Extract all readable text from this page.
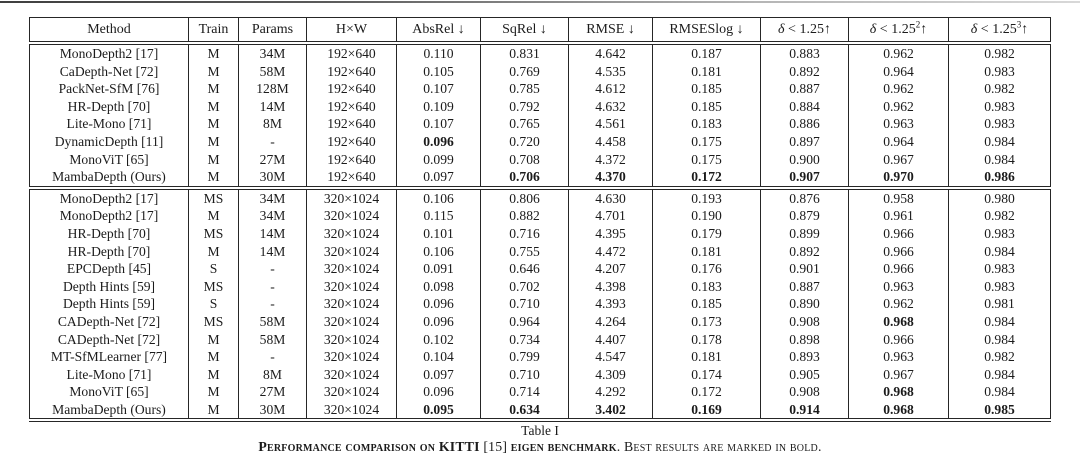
Method	Train	Params	H×W	AbsRel ↓	SqRel ↓	RMSE ↓	RMSESlog ↓	δ < 1.25↑	$\delta < 1.25^2↑$	$\delta < 1.25^3↑$
MonoDepth2 [17]	M	34M	192×640	0.110	0.831	4.642	0.187	0.883	0.962	0.982
CaDepth-Net [72]	M	58M	192×640	0.105	0.769	4.535	0.181	0.892	0.964	0.983
PackNet-SfM [76]	M	128M	192×640	0.107	0.785	4.612	0.185	0.887	0.962	0.982
HR-Depth [70]	M	14M	192×640	0.109	0.792	4.632	0.185	0.884	0.962	0.983
Lite-Mono [71]	M	8M	192×640	0.107	0.765	4.561	0.183	0.886	0.963	0.983
DynamicDepth [11]	M	-	192×640	0.096	0.720	4.458	0.175	0.897	0.964	0.984
MonoViT [65]	M	27M	192×640	0.099	0.708	4.372	0.175	0.900	0.967	0.984
MambaDepth (Ours)	M	30M	192×640	0.097	0.706	4.370	0.172	0.907	0.970	0.986
MonoDepth2 [17]	MS	34M	320×1024	0.106	0.806	4.630	0.193	0.876	0.958	0.980
MonoDepth2 [17]	M	34M	320×1024	0.115	0.882	4.701	0.190	0.879	0.961	0.982
HR-Depth [70]	MS	14M	320×1024	0.101	0.716	4.395	0.179	0.899	0.966	0.983
HR-Depth [70]	M	14M	320×1024	0.106	0.755	4.472	0.181	0.892	0.966	0.984
EPCDepth [45]	S	-	320×1024	0.091	0.646	4.207	0.176	0.901	0.966	0.983
Depth Hints [59]	MS	-	320×1024	0.098	0.702	4.398	0.183	0.887	0.963	0.983
Depth Hints [59]	S	-	320×1024	0.096	0.710	4.393	0.185	0.890	0.962	0.981
CADepth-Net [72]	MS	58M	320×1024	0.096	0.964	4.264	0.173	0.908	0.968	0.984
CADepth-Net [72]	M	58M	320×1024	0.102	0.734	4.407	0.178	0.898	0.966	0.984
MT-SfMLearner [77]	M	-	320×1024	0.104	0.799	4.547	0.181	0.893	0.963	0.982
Lite-Mono [71]	M	8M	320×1024	0.097	0.710	4.309	0.174	0.905	0.967	0.984
MonoViT [65]	M	27M	320×1024	0.096	0.714	4.292	0.172	0.908	0.968	0.984
MambaDepth (Ours)	M	30M	320×1024	0.095	0.634	3.402	0.169	0.914	0.968	0.985
Table I
Performance comparison on KITTI [15] eigen benchmark. Best results are marked in bold.
